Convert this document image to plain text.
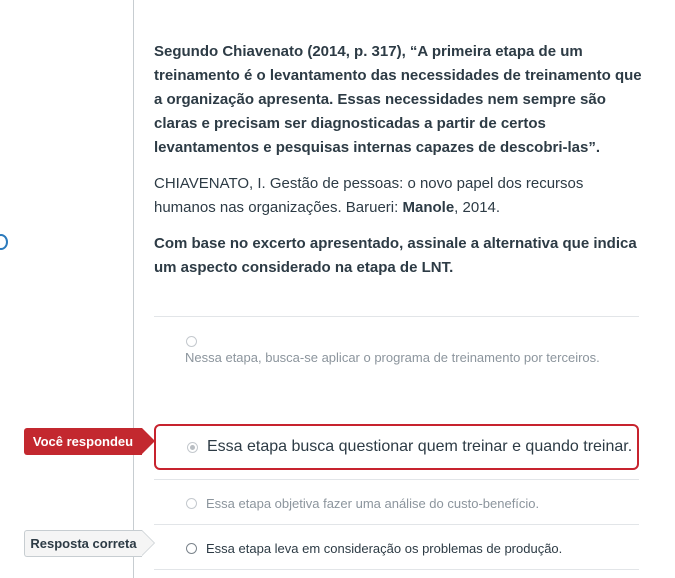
Segundo Chiavenato (2014, p. 317), “A primeira etapa de um treinamento é o levantamento das necessidades de treinamento que a organização apresenta. Essas necessidades nem sempre são claras e precisam ser diagnosticadas a partir de certos levantamentos e pesquisas internas capazes de descobri-las”.

CHIAVENATO, I. Gestão de pessoas: o novo papel dos recursos humanos nas organizações. Barueri: Manole, 2014.

Com base no excerto apresentado, assinale a alternativa que indica um aspecto considerado na etapa de LNT.

Nessa etapa, busca-se aplicar o programa de treinamento por terceiros.
Essa etapa busca questionar quem treinar e quando treinar.
Essa etapa objetiva fazer uma análise do custo-benefício.
Essa etapa leva em consideração os problemas de produção.
Você respondeu
Resposta correta
